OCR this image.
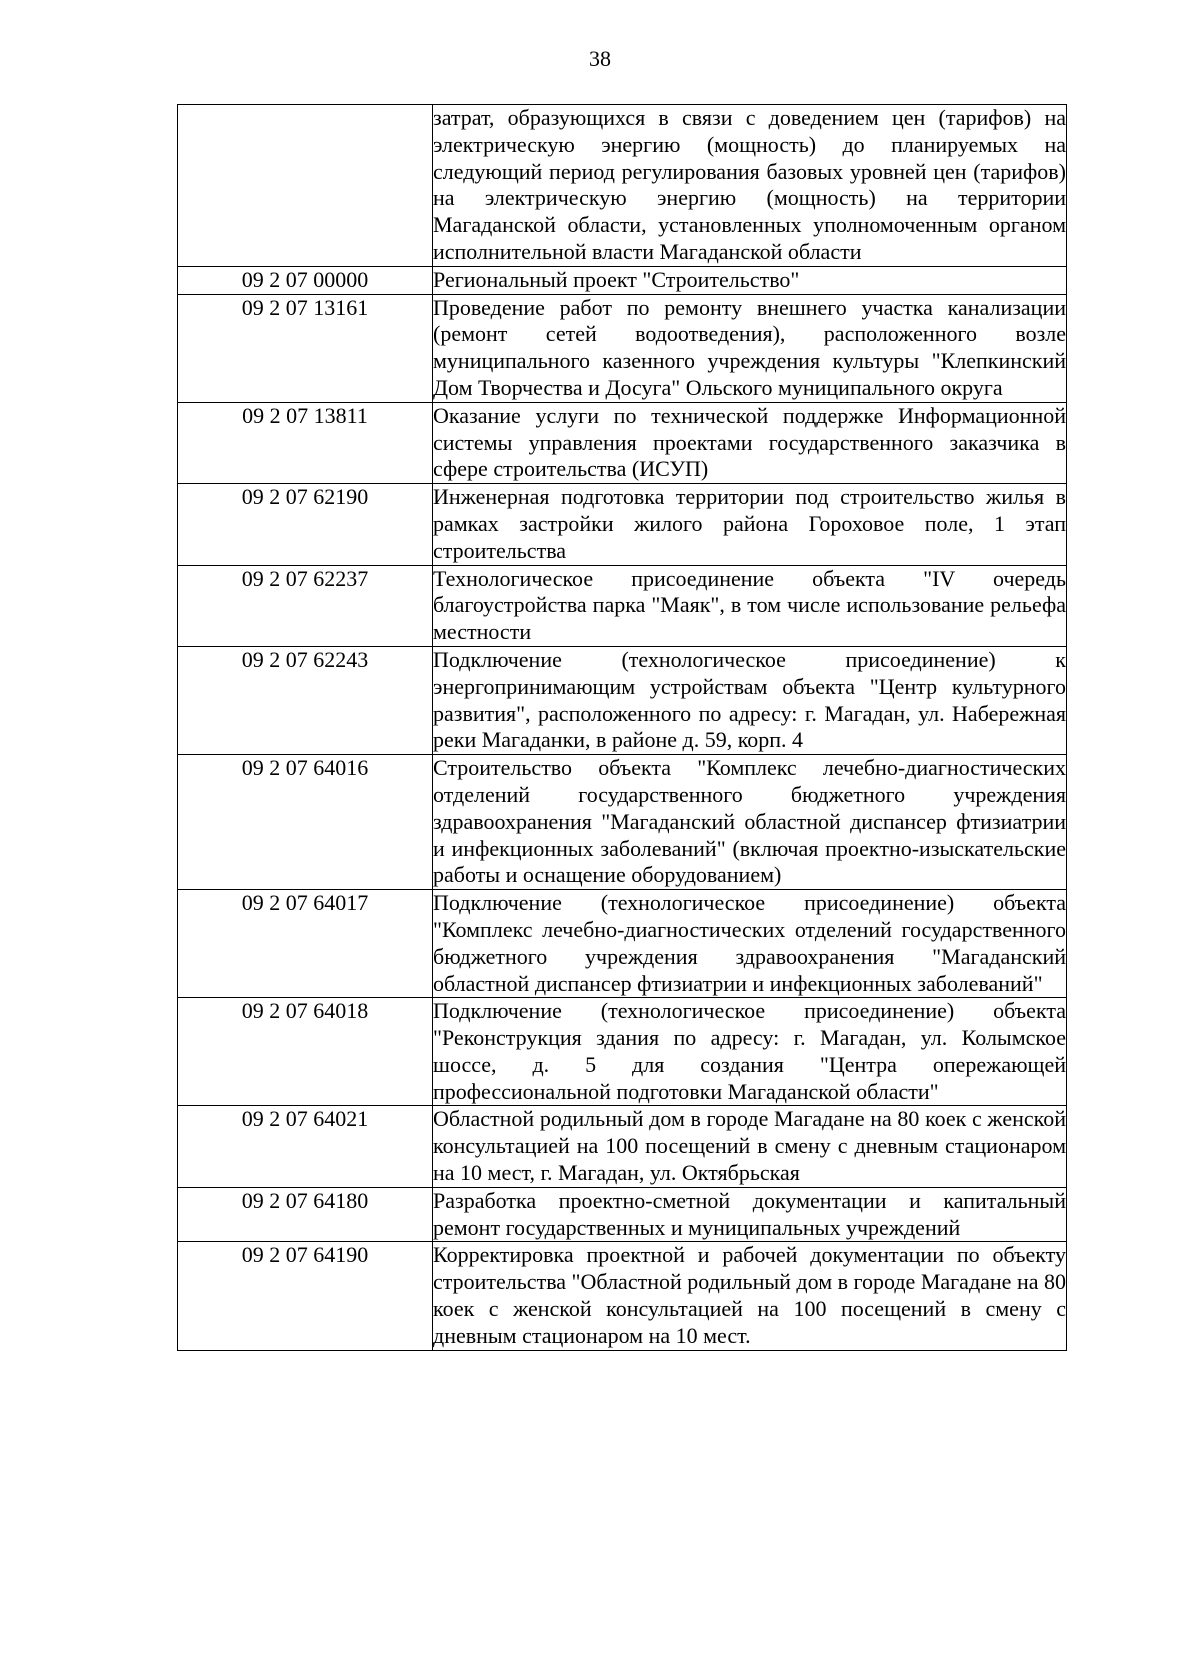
38

	затрат, образующихся в связи с доведением цен (тарифов) на электрическую энергию (мощность) до планируемых на следующий период регулирования базовых уровней цен (тарифов) на электрическую энергию (мощность) на территории Магаданской области, установленных уполномоченным органом исполнительной власти Магаданской области

09 2 07 00000	Региональный проект "Строительство"

09 2 07 13161	Проведение работ по ремонту внешнего участка канализации (ремонт сетей водоотведения), расположенного возле муниципального казенного учреждения культуры "Клепкинский Дом Творчества и Досуга" Ольского муниципального округа

09 2 07 13811	Оказание услуги по технической поддержке Информационной системы управления проектами государственного заказчика в сфере строительства (ИСУП)

09 2 07 62190	Инженерная подготовка территории под строительство жилья в рамках застройки жилого района Гороховое поле, 1 этап строительства

09 2 07 62237	Технологическое присоединение объекта "IV очередь благоустройства парка "Маяк", в том числе использование рельефа местности

09 2 07 62243	Подключение (технологическое присоединение) к энергопринимающим устройствам объекта "Центр культурного развития", расположенного по адресу: г. Магадан, ул. Набережная реки Магаданки, в районе д. 59, корп. 4

09 2 07 64016	Строительство объекта "Комплекс лечебно-диагностических отделений государственного бюджетного учреждения здравоохранения "Магаданский областной диспансер фтизиатрии и инфекционных заболеваний" (включая проектно-изыскательские работы и оснащение оборудованием)

09 2 07 64017	Подключение (технологическое присоединение) объекта "Комплекс лечебно-диагностических отделений государственного бюджетного учреждения здравоохранения "Магаданский областной диспансер фтизиатрии и инфекционных заболеваний"

09 2 07 64018	Подключение (технологическое присоединение) объекта "Реконструкция здания по адресу: г. Магадан, ул. Колымское шоссе, д. 5 для создания "Центра опережающей профессиональной подготовки Магаданской области"

09 2 07 64021	Областной родильный дом в городе Магадане на 80 коек с женской консультацией на 100 посещений в смену с дневным стационаром на 10 мест, г. Магадан, ул. Октябрьская

09 2 07 64180	Разработка проектно-сметной документации и капитальный ремонт государственных и муниципальных учреждений

09 2 07 64190	Корректировка проектной и рабочей документации по объекту строительства "Областной родильный дом в городе Магадане на 80 коек с женской консультацией на 100 посещений в смену с дневным стационаром на 10 мест.
